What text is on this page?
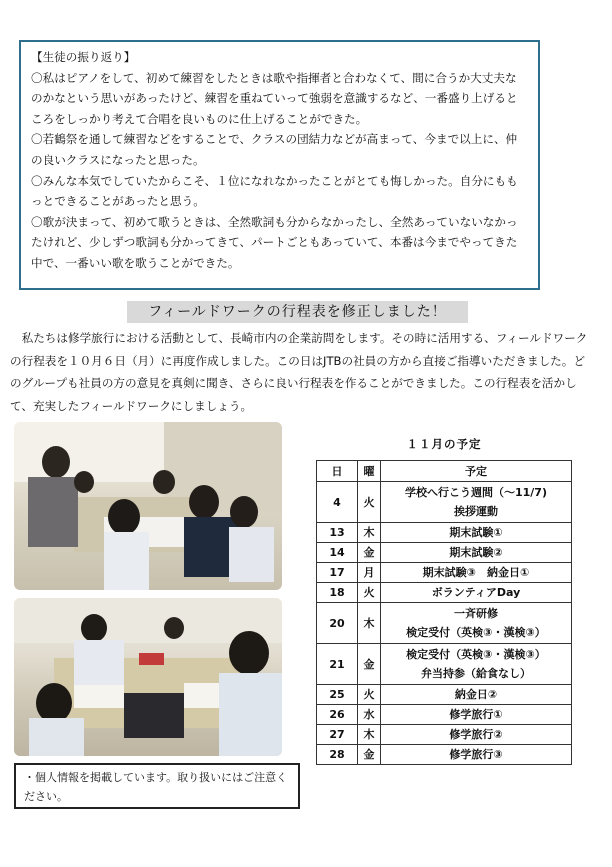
【生徒の振り返り】

〇私はピアノをして、初めて練習をしたときは歌や指揮者と合わなくて、間に合うか大丈夫なのかなという思いがあったけど、練習を重ねていって強弱を意識するなど、一番盛り上げるところをしっかり考えて合唱を良いものに仕上げることができた。

〇若鶴祭を通して練習などをすることで、クラスの団結力などが高まって、今まで以上に、仲の良いクラスになったと思った。

〇みんな本気でしていたからこそ、１位になれなかったことがとても悔しかった。自分にももっとできることがあったと思う。

〇歌が決まって、初めて歌うときは、全然歌詞も分からなかったし、全然あっていないなかったけれど、少しずつ歌詞も分かってきて、パートごともあっていて、本番は今までやってきた中で、一番いい歌を歌うことができた。

フィールドワークの行程表を修正しました！

　私たちは修学旅行における活動として、長崎市内の企業訪問をします。その時に活用する、フィールドワークの行程表を１０月６日（月）に再度作成しました。この日はJTBの社員の方から直接ご指導いただきました。どのグループも社員の方の意見を真剣に聞き、さらに良い行程表を作ることができました。この行程表を活かして、充実したフィールドワークにしましょう。

・個人情報を掲載しています。取り扱いにはご注意ください。
１１月の予定
日	曜	予定
4	火	学校へ行こう週間（～11/7)
挨拶運動

13	木	期末試験①
14	金	期末試験②
17	月	期末試験③　納金日①
18	火	ボランティアDay
20	木	一斉研修
検定受付（英検③・漢検③）

21	金	検定受付（英検③・漢検③）
弁当持参（給食なし）

25	火	納金日②
26	水	修学旅行①
27	木	修学旅行②
28	金	修学旅行③
